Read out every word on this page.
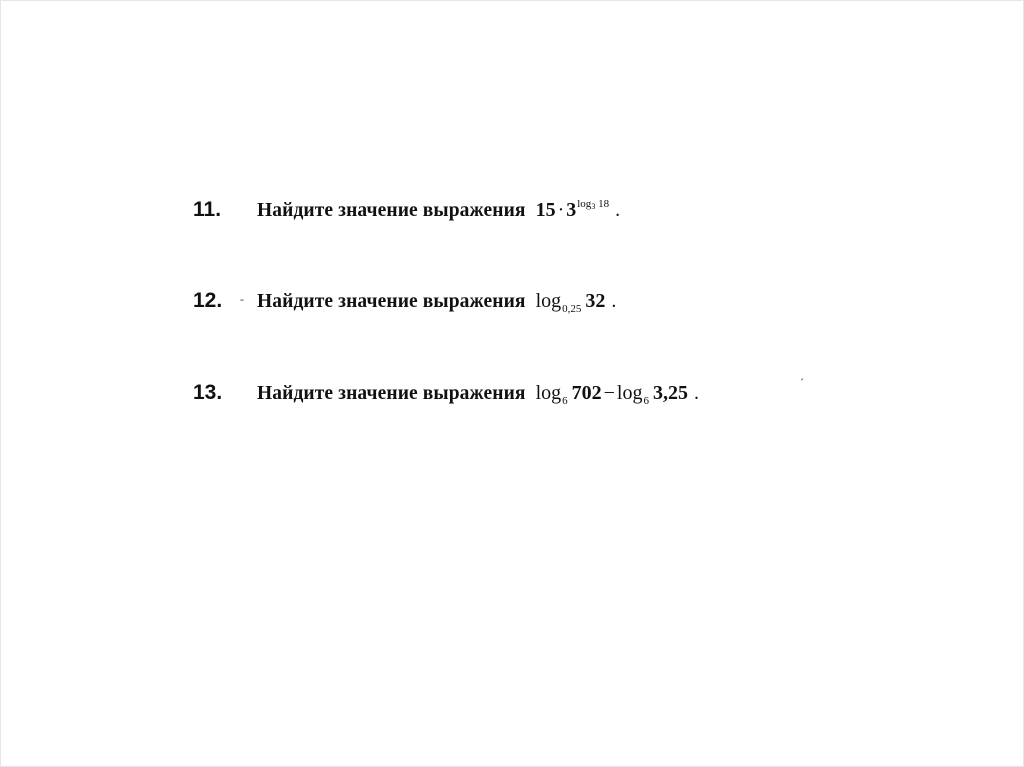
11.	Найдите значение выражения 15 · 3 log3 18 .
12.	Найдите значение выражения log 0,25 32 .
13.	Найдите значение выражения log 6 702 − log 6 3,25 .
-
´
